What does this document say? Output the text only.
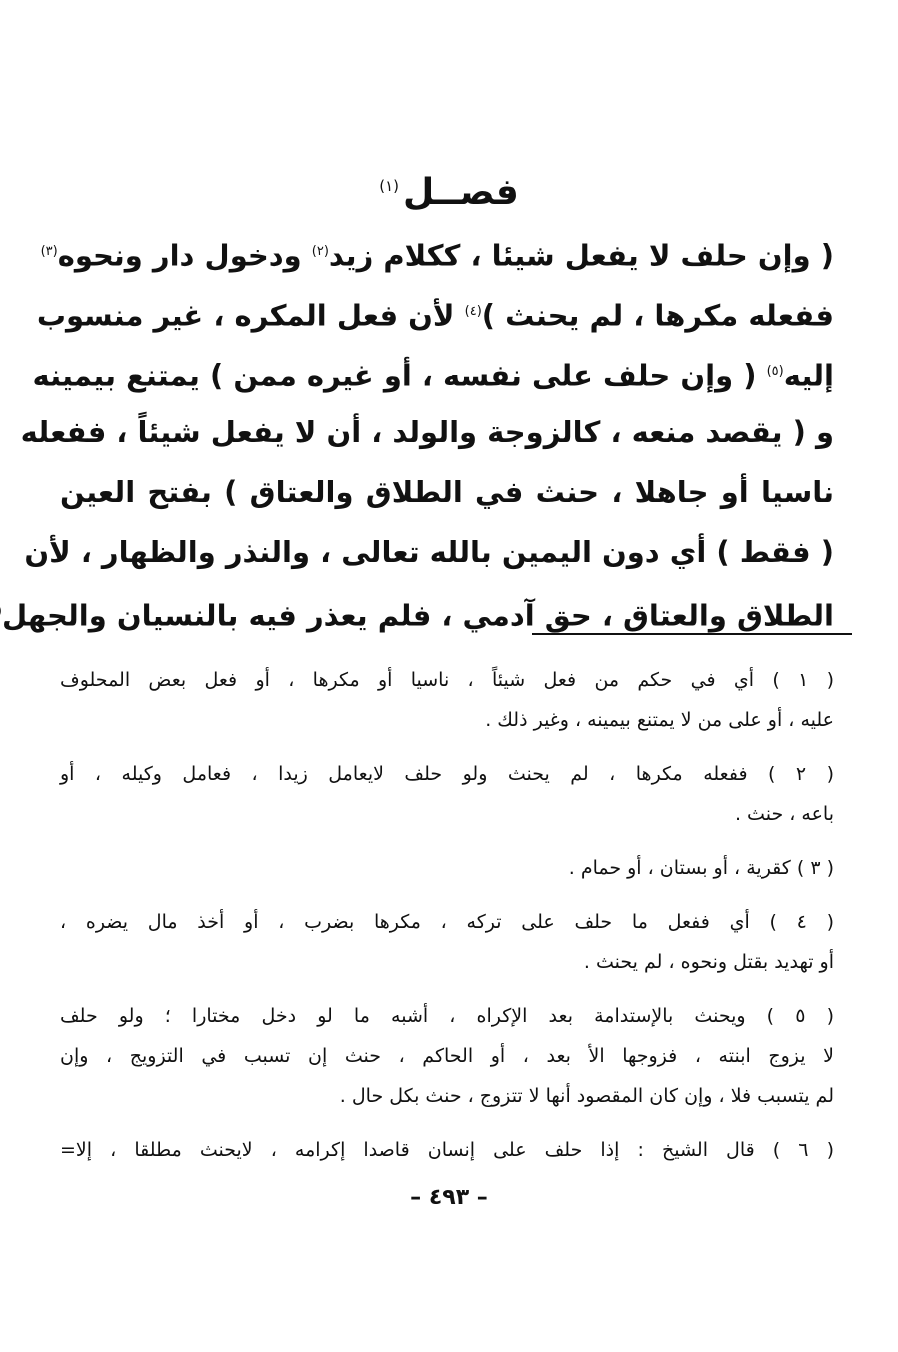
فصــل$^{(١)}$
( وإن حلف لا يفعل شيئا ، ككلام زيد$^{(٢)}$ ودخول دار ونحوه$^{(٣)}$
ففعله مكرها ، لم يحنث )$^{(٤)}$ لأن فعل المكره ، غير منسوب
إليه$^{(٥)}$ ( وإن حلف على نفسه ، أو غيره ممن ) يمتنع بيمينه
و ( يقصد منعه ، كالزوجة والولد ، أن لا يفعل شيئاً ، ففعله
ناسيا أو جاهلا ، حنث في الطلاق والعتاق ) بفتح العين
( فقط ) أي دون اليمين بالله تعالى ، والنذر والظهار ، لأن
الطلاق والعتاق ، حق آدمي ، فلم يعذر فيه بالنسيان والجهل
( ١ ) أي في حكم من فعل شيئاً ، ناسيا أو مكرها ، أو فعل بعض المحلوف
عليه ، أو على من لا يمتنع بيمينه ، وغير ذلك .
( ٢ ) ففعله مكرها ، لم يحنث ولو حلف لايعامل زيدا ، فعامل وكيله ، أو
باعه ، حنث .
( ٣ ) كقرية ، أو بستان ، أو حمام .
( ٤ ) أي ففعل ما حلف على تركه ، مكرها بضرب ، أو أخذ مال يضره ،
أو تهديد بقتل ونحوه ، لم يحنث .
( ٥ ) ويحنث بالإستدامة بعد الإكراه ، أشبه ما لو دخل مختارا ؛ ولو حلف
لا يزوج ابنته ، فزوجها الأ بعد ، أو الحاكم ، حنث إن تسبب في التزويج ، وإن
لم يتسبب فلا ، وإن كان المقصود أنها لا تتزوج ، حنث بكل حال .
( ٦ ) قال الشيخ : إذا حلف على إنسان قاصدا إكرامه ، لايحنث مطلقا ، إلا=
– ٤٩٣ –
